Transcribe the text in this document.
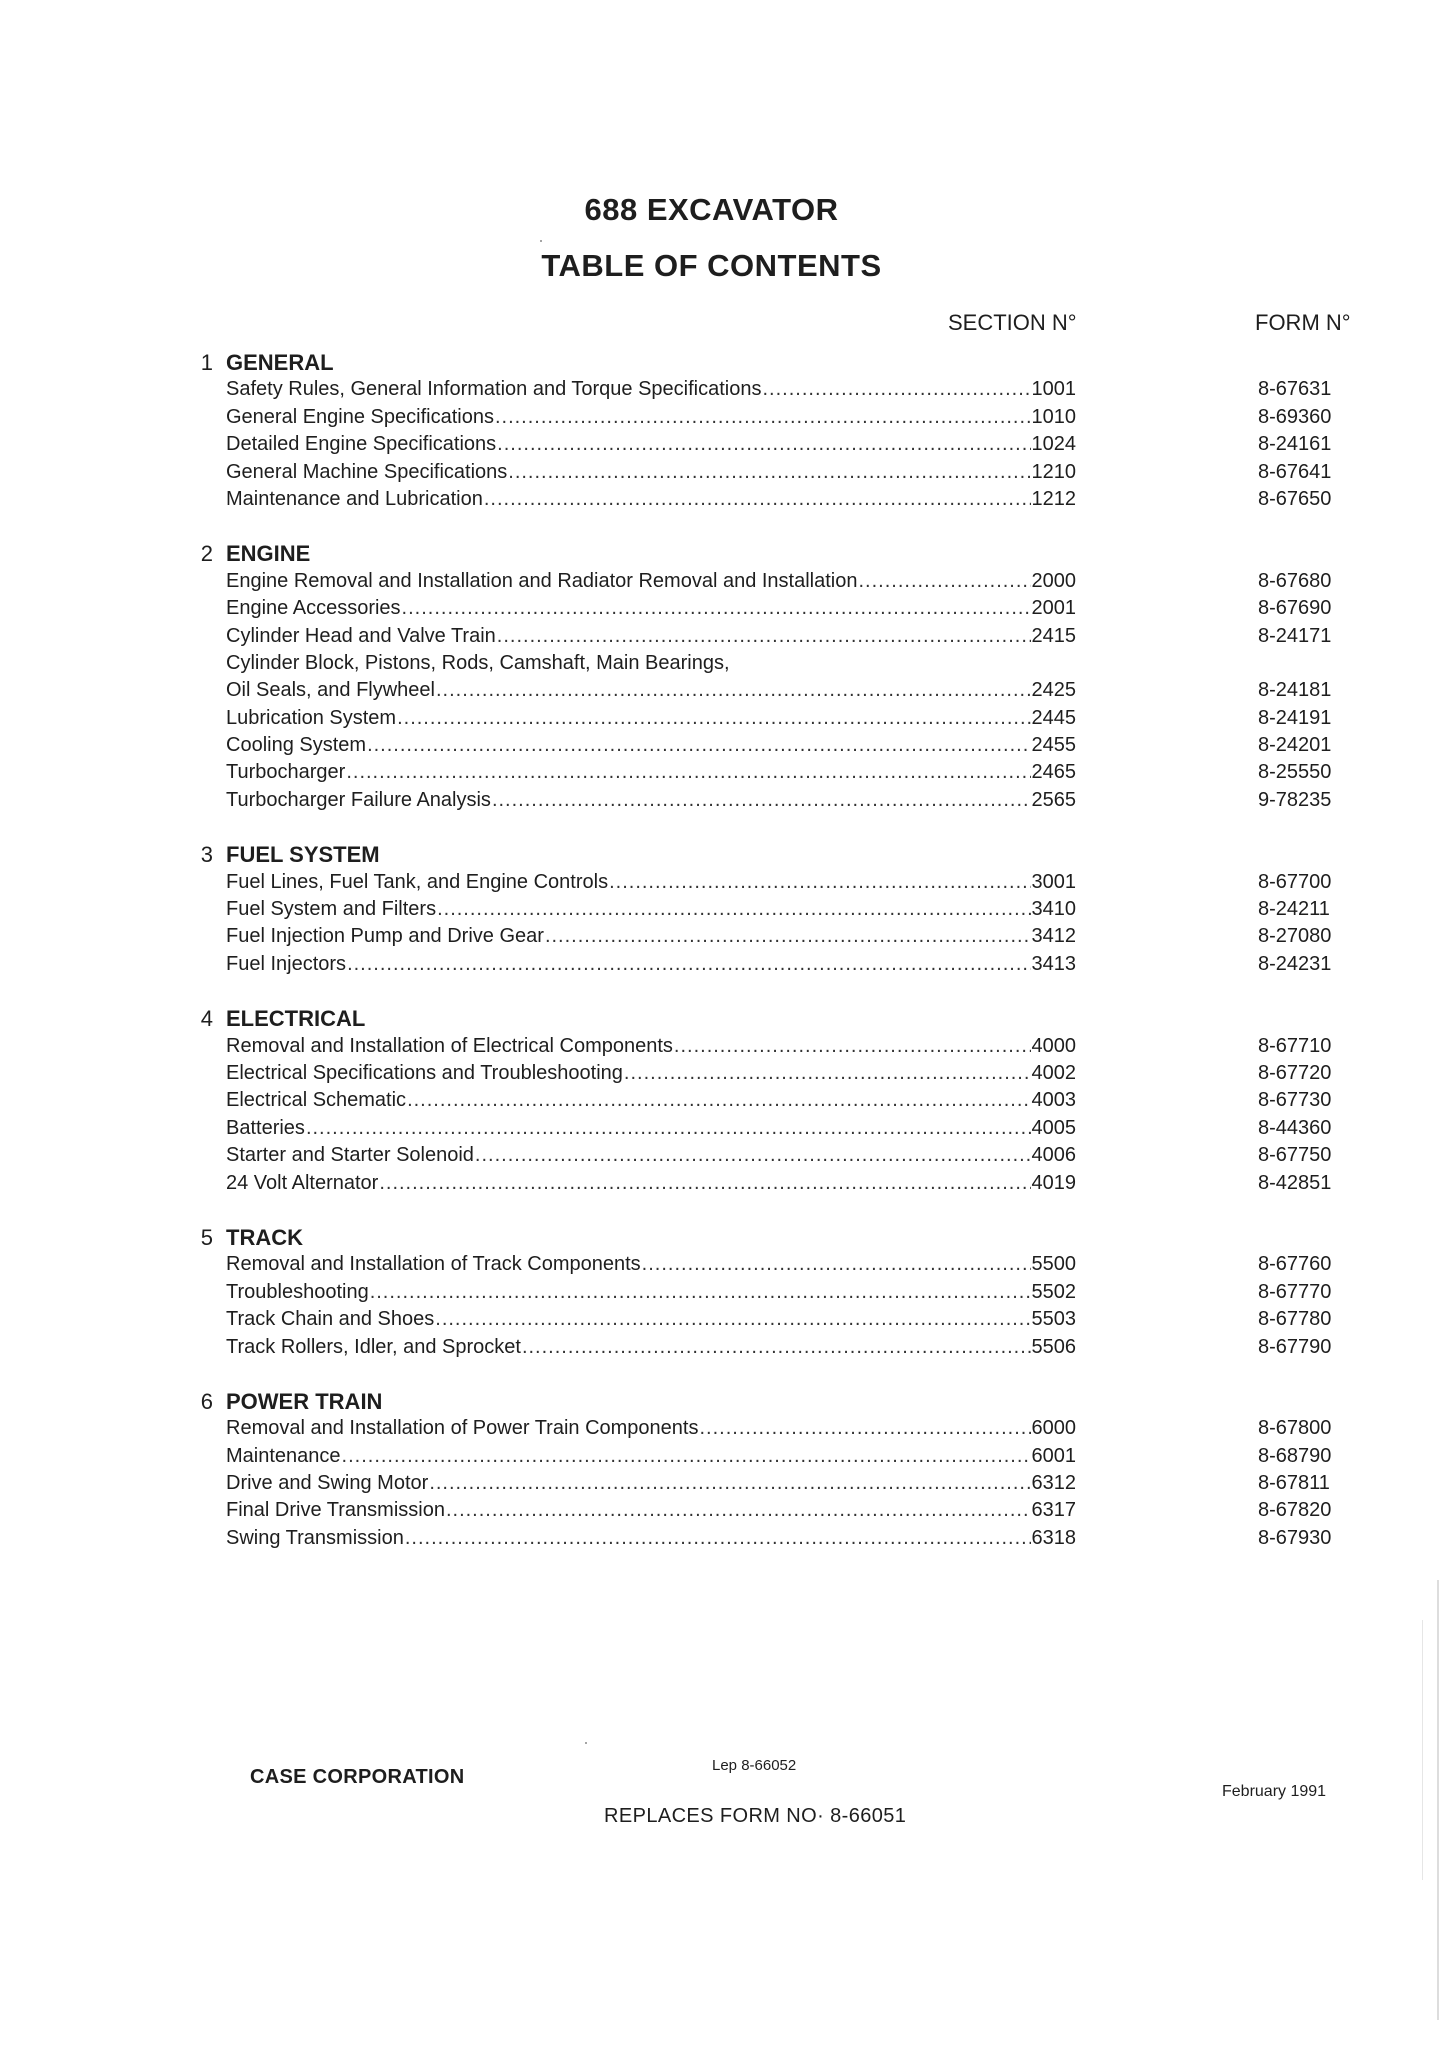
688 EXCAVATOR
TABLE OF CONTENTS
SECTION N°	FORM N°
1 GENERAL
Safety Rules, General Information and Torque Specifications .....	1001	8-67631
General Engine Specifications .....	1010	8-69360
Detailed Engine Specifications .....	1024	8-24161
General Machine Specifications .....	1210	8-67641
Maintenance and Lubrication .....	1212	8-67650
2 ENGINE
Engine Removal and Installation and Radiator Removal and Installation .....	2000	8-67680
Engine Accessories .....	2001	8-67690
Cylinder Head and Valve Train .....	2415	8-24171
Cylinder Block, Pistons, Rods, Camshaft, Main Bearings,
Oil Seals, and Flywheel .....	2425	8-24181
Lubrication System .....	2445	8-24191
Cooling System .....	2455	8-24201
Turbocharger .....	2465	8-25550
Turbocharger Failure Analysis .....	2565	9-78235
3 FUEL SYSTEM
Fuel Lines, Fuel Tank, and Engine Controls .....	3001	8-67700
Fuel System and Filters .....	3410	8-24211
Fuel Injection Pump and Drive Gear .....	3412	8-27080
Fuel Injectors .....	3413	8-24231
4 ELECTRICAL
Removal and Installation of Electrical Components .....	4000	8-67710
Electrical Specifications and Troubleshooting .....	4002	8-67720
Electrical Schematic .....	4003	8-67730
Batteries .....	4005	8-44360
Starter and Starter Solenoid .....	4006	8-67750
24 Volt Alternator .....	4019	8-42851
5 TRACK
Removal and Installation of Track Components .....	5500	8-67760
Troubleshooting .....	5502	8-67770
Track Chain and Shoes .....	5503	8-67780
Track Rollers, Idler, and Sprocket .....	5506	8-67790
6 POWER TRAIN
Removal and Installation of Power Train Components .....	6000	8-67800
Maintenance .....	6001	8-68790
Drive and Swing Motor .....	6312	8-67811
Final Drive Transmission .....	6317	8-67820
Swing Transmission .....	6318	8-67930
CASE CORPORATION
Lep 8-66052
February 1991
REPLACES FORM NO· 8-66051
